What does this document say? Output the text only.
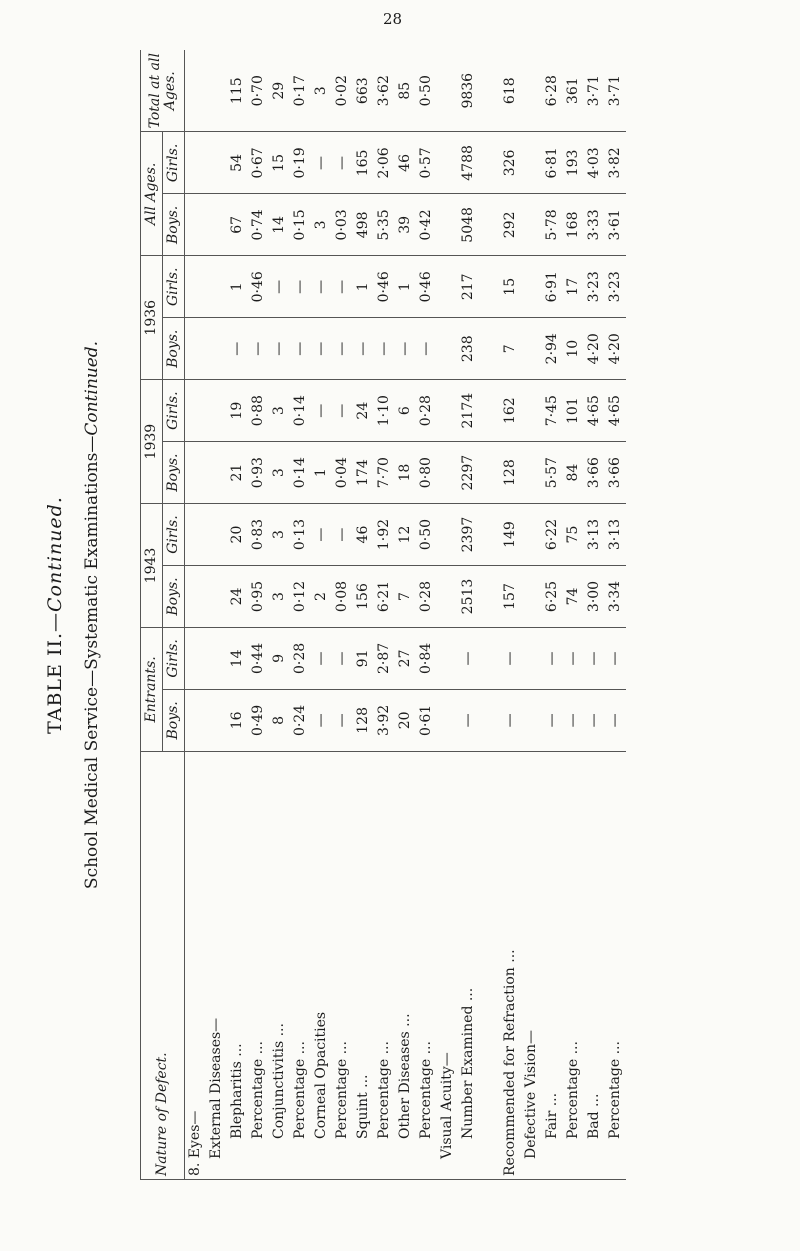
28
TABLE II.—Continued. School Medical Service—Systematic Examinations—Continued.
Nature of Defect.	Entrants.		1943		1939		1936		All Ages.		Total at all
Ages.
	Boys.	Girls.	Boys.	Girls.	Boys.	Girls.	Boys.	Girls.	Boys.	Girls.	
8. Eyes—											
External Diseases—											
Blepharitis ...	16	14	24	20	21	19	—	1	67	54	115
Percentage ...	0·49	0·44	0·95	0·83	0·93	0·88	—	0·46	0·74	0·67	0·70
Conjunctivitis ...	8	9	3	3	3	3	—	—	14	15	29
Percentage ...	0·24	0·28	0·12	0·13	0·14	0·14	—	—	0·15	0·19	0·17
Corneal Opacities	—	—	2	—	1	—	—	—	3	—	3
Percentage ...	—	—	0·08	—	0·04	—	—	—	0·03	—	0·02
Squint ...	128	91	156	46	174	24	—	1	498	165	663
Percentage ...	3·92	2·87	6·21	1·92	7·70	1·10	—	0·46	5·35	2·06	3·62
Other Diseases ...	20	27	7	12	18	6	—	1	39	46	85
Percentage ...	0·61	0·84	0·28	0·50	0·80	0·28	—	0·46	0·42	0·57	0·50
Visual Acuity—											
Number Examined ...	—	—	2513	2397	2297	2174	238	217	5048	4788	9836

Recommended for Refraction ...	—	—	157	149	128	162	7	15	292	326	618
Defective Vision—											
Fair ...	—	—	6·25	6·22	5·57	7·45	2·94	6·91	5·78	6·81	6·28
Percentage ...	—	—	74	75	84	101	10	17	168	193	361
Bad ...	—	—	3·00	3·13	3·66	4·65	4·20	3·23	3·33	4·03	3·71
Percentage ...	—	—	3·34	3·13	3·66	4·65	4·20	3·23	3·61	3·82	3·71
